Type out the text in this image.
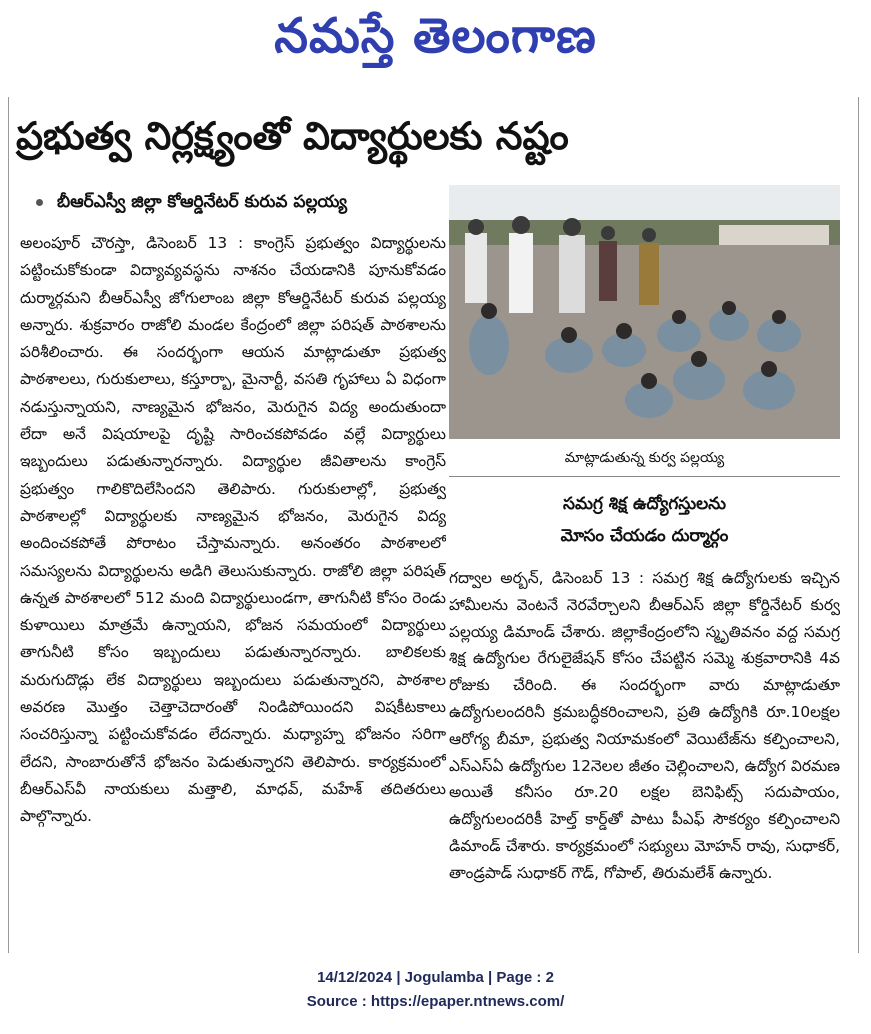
నమస్తే తెలంగాణ
ప్రభుత్వ నిర్లక్ష్యంతో విద్యార్థులకు నష్టం
బీఆర్‌ఎస్వీ జిల్లా కోఆర్డినేటర్‌ కురువ పల్లయ్య

అలంపూర్‌ చౌరస్తా, డిసెంబర్‌ 13 : కాంగ్రెస్‌ ప్రభుత్వం విద్యార్థులను పట్టించుకోకుండా విద్యావ్యవస్థను నాశనం చేయడానికి పూనుకోవడం దుర్మార్గమని బీఆర్‌ఎస్వీ జోగులాంబ జిల్లా కోఆర్డినేటర్‌ కురువ పల్లయ్య అన్నారు. శుక్రవారం రాజోలి మండల కేంద్రంలో జిల్లా పరిషత్‌ పాఠశాలను పరిశీలించారు. ఈ సందర్భంగా ఆయన మాట్లాడుతూ ప్రభుత్వ పాఠశాలలు, గురుకులాలు, కస్తూర్బా, మైనార్టీ, వసతి గృహాలు ఏ విధంగా నడుస్తున్నాయని, నాణ్యమైన భోజనం, మెరుగైన విద్య అందుతుందా లేదా అనే విషయాలపై దృష్టి సారించకపోవడం వల్లే విద్యార్థులు ఇబ్బందులు పడుతున్నారన్నారు. విద్యార్థుల జీవితాలను కాంగ్రెస్‌ ప్రభుత్వం గాలికొదిలేసిందని తెలిపారు. గురుకులాల్లో, ప్రభుత్వ పాఠశాలల్లో విద్యార్థులకు నాణ్యమైన భోజనం, మెరుగైన విద్య అందించకపోతే పోరాటం చేస్తామన్నారు. అనంతరం పాఠశాలలో సమస్యలను విద్యార్థులను అడిగి తెలుసుకున్నారు. రాజోలి జిల్లా పరిషత్‌ ఉన్నత పాఠశాలలో 512 మంది విద్యార్థులుండగా, తాగునీటి కోసం రెండు కుళాయిలు మాత్రమే ఉన్నాయని, భోజన సమయంలో విద్యార్థులు తాగునీటి కోసం ఇబ్బందులు పడుతున్నారన్నారు. బాలికలకు మరుగుదొడ్లు లేక విద్యార్థులు ఇబ్బందులు పడుతున్నారని, పాఠశాల అవరణ మొత్తం చెత్తాచెదారంతో నిండిపోయిందని విషకీటకాలు సంచరిస్తున్నా పట్టించుకోవడం లేదన్నారు. మధ్యాహ్న భోజనం సరిగా లేదని, సాంబారుతోనే భోజనం పెడుతున్నారని తెలిపారు. కార్యక్రమంలో బీఆర్‌ఎస్‌వీ నాయకులు మత్తాలి, మాధవ్‌, మహేశ్‌ తదితరులు పాల్గొన్నారు.

మాట్లాడుతున్న కుర్వ పల్లయ్య
సమగ్ర శిక్ష ఉద్యోగస్తులను
మోసం చేయడం దుర్మార్గం

గద్వాల అర్బన్‌, డిసెంబర్‌ 13 : సమగ్ర శిక్ష ఉద్యోగులకు ఇచ్చిన హామీలను వెంటనే నెరవేర్చాలని బీఆర్‌ఎస్‌ జిల్లా కోర్డినేటర్‌ కుర్వ పల్లయ్య డిమాండ్‌ చేశారు. జిల్లాకేంద్రంలోని స్మృతివనం వద్ద సమగ్ర శిక్ష ఉద్యోగుల రేగులైజేషన్‌ కోసం చేపట్టిన సమ్మె శుక్రవారానికి 4వ రోజుకు చేరింది. ఈ సందర్భంగా వారు మాట్లాడుతూ ఉద్యోగులందరినీ క్రమబద్ధీకరించాలని, ప్రతి ఉద్యోగికి రూ.10లక్షల ఆరోగ్య బీమా, ప్రభుత్వ నియామకంలో వెయిటేజ్‌ను కల్పించాలని, ఎస్‌ఎస్‌ఏ ఉద్యోగుల 12నెలల జీతం చెల్లించాలని, ఉద్యోగ విరమణ అయితే కనీసం రూ.20 లక్షల బెనిఫిట్స్‌ సదుపాయం, ఉద్యోగులందరికీ హెల్త్‌ కార్డ్‌తో పాటు పీఎఫ్‌ సౌకర్యం కల్పించాలని డిమాండ్‌ చేశారు. కార్యక్రమంలో సభ్యులు మోహన్‌ రావు, సుధాకర్‌, తాండ్రపాడ్‌ సుధాకర్‌ గౌడ్‌, గోపాల్‌, తిరుమలేశ్‌ ఉన్నారు.

14/12/2024 | Jogulamba | Page : 2
Source : https://epaper.ntnews.com/
